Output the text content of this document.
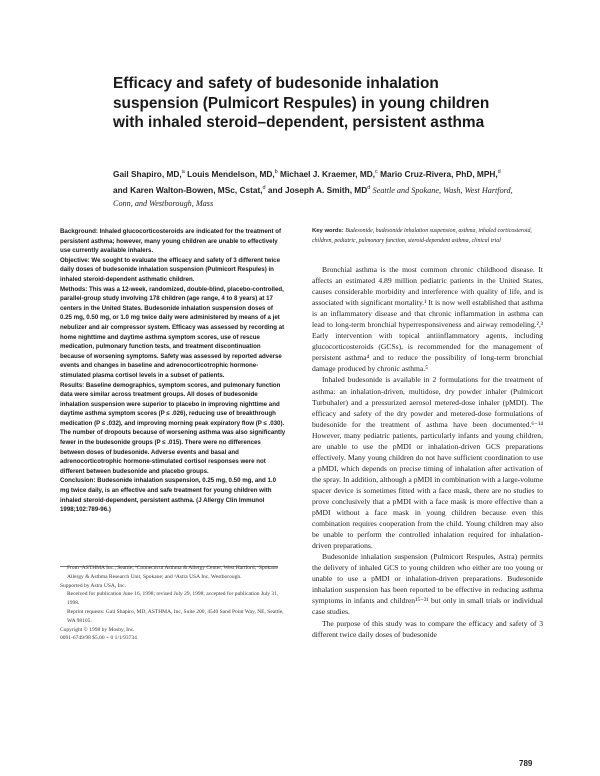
Efficacy and safety of budesonide inhalation suspension (Pulmicort Respules) in young children with inhaled steroid–dependent, persistent asthma

Gail Shapiro, MD,$^a$ Louis Mendelson, MD,$^b$ Michael J. Kraemer, MD,$^c$ Mario Cruz-Rivera, PhD, MPH,$^d$ and Karen Walton-Bowen, MSc, Cstat,$^d$ and Joseph A. Smith, $MD^d$ Seattle and Spokane, Wash, West Hartford, Conn, and Westborough, Mass

Background: Inhaled glucocorticosteroids are indicated for the treatment of persistent asthma; however, many young children are unable to effectively use currently available inhalers.

Objective: We sought to evaluate the efficacy and safety of 3 different twice daily doses of budesonide inhalation suspension (Pulmicort Respules) in inhaled steroid-dependent asthmatic children.

Methods: This was a 12-week, randomized, double-blind, placebo-controlled, parallel-group study involving 178 children (age range, 4 to 8 years) at 17 centers in the United States. Budesonide inhalation suspension doses of 0.25 mg, 0.50 mg, or 1.0 mg twice daily were administered by means of a jet nebulizer and air compressor system. Efficacy was assessed by recording at home nighttime and daytime asthma symptom scores, use of rescue medication, pulmonary function tests, and treatment discontinuation because of worsening symptoms. Safety was assessed by reported adverse events and changes in baseline and adrenocorticotrophic hormone-stimulated plasma cortisol levels in a subset of patients.

Results: Baseline demographics, symptom scores, and pulmonary function data were similar across treatment groups. All doses of budesonide inhalation suspension were superior to placebo in improving nighttime and daytime asthma symptom scores (P ≤ .026), reducing use of breakthrough medication (P ≤ .032), and improving morning peak expiratory flow (P ≤ .030). The number of dropouts because of worsening asthma was also significantly fewer in the budesonide groups (P ≤ .015). There were no differences between doses of budesonide. Adverse events and basal and adrenocorticotrophic hormone-stimulated cortisol responses were not different between budesonide and placebo groups.

Conclusion: Budesonide inhalation suspension, 0.25 mg, 0.50 mg, and 1.0 mg twice daily, is an effective and safe treatment for young children with inhaled steroid-dependent, persistent asthma. (J Allergy Clin Immunol 1998;102:789-96.)

From ᵃASTHMA Inc., Seattle; ᵇConnecticut Asthma & Allergy Center, West Hartford; ᶜSpokane Allergy & Asthma Research Unit, Spokane; and ᵈAstra USA Inc, Westborough.

Supported by Astra USA, Inc.

Received for publication June 16, 1998; revised July 29, 1998; accepted for publication July 31, 1998.

Reprint requests: Gail Shapiro, MD, ASTHMA, Inc, Suite 200, 4540 Sand Point Way, NE, Seattle, WA 98105.

Copyright © 1998 by Mosby, Inc.

0091-6749/98 $5.00 + 0 1/1/93734

Key words: Budesonide, budesonide inhalation suspension, asthma, inhaled corticosteroid, children, pediatric, pulmonary function, steroid-dependent asthma, clinical trial

Bronchial asthma is the most common chronic childhood disease. It affects an estimated 4.89 million pediatric patients in the United States, causes considerable morbidity and interference with quality of life, and is associated with significant mortality.¹ It is now well established that asthma is an inflammatory disease and that chronic inflammation in asthma can lead to long-term bronchial hyperresponsiveness and airway remodeling.²,³ Early intervention with topical antiinflammatory agents, including glucocorticosteroids (GCSs), is recommended for the management of persistent asthma⁴ and to reduce the possibility of long-term bronchial damage produced by chronic asthma.⁵

Inhaled budesonide is available in 2 formulations for the treatment of asthma: an inhalation-driven, multidose, dry powder inhaler (Pulmicort Turbuhaler) and a pressurized aerosol metered-dose inhaler (pMDI). The efficacy and safety of the dry powder and metered-dose formulations of budesonide for the treatment of asthma have been documented.⁶⁻¹⁴ However, many pediatric patients, particularly infants and young children, are unable to use the pMDI or inhalation-driven GCS preparations effectively. Many young children do not have sufficient coordination to use a pMDI, which depends on precise timing of inhalation after activation of the spray. In addition, although a pMDI in combination with a large-volume spacer device is sometimes fitted with a face mask, there are no studies to prove conclusively that a pMDI with a face mask is more effective than a pMDI without a face mask in young children because even this combination requires cooperation from the child. Young children may also be unable to perform the controlled inhalation required for inhalation-driven preparations.

Budesonide inhalation suspension (Pulmicort Respules, Astra) permits the delivery of inhaled GCS to young children who either are too young or unable to use a pMDI or inhalation-driven preparations. Budesonide inhalation suspension has been reported to be effective in reducing asthma symptoms in infants and children¹⁵⁻²¹ but only in small trials or individual case studies.

The purpose of this study was to compare the efficacy and safety of 3 different twice daily doses of budesonide

789
